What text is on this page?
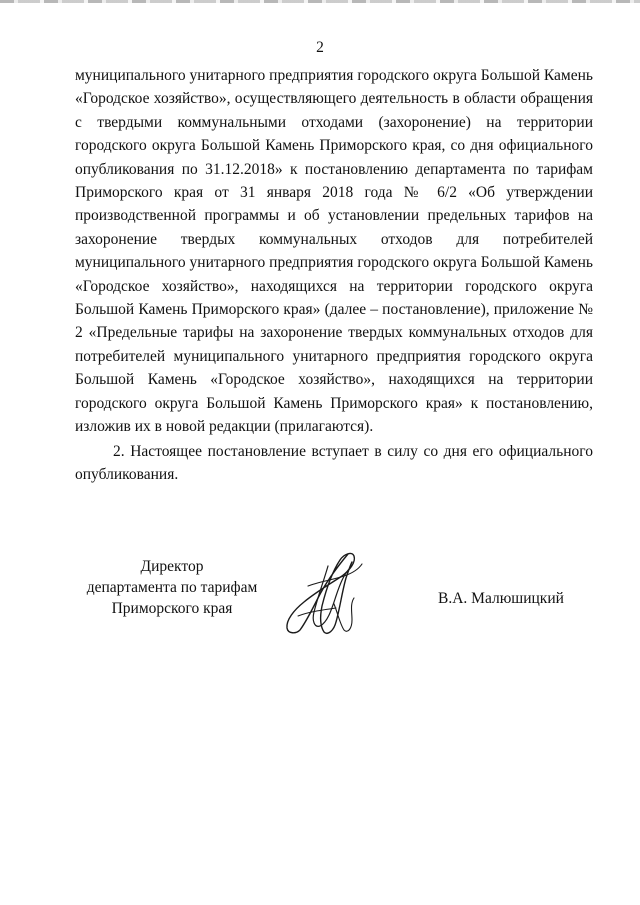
2

муниципального унитарного предприятия городского округа Большой Камень «Городское хозяйство», осуществляющего деятельность в области обращения с твердыми коммунальными отходами (захоронение) на территории городского округа Большой Камень Приморского края, со дня официального опубликования по 31.12.2018» к постановлению департамента по тарифам Приморского края от 31 января 2018 года № 6/2 «Об утверждении производственной программы и об установлении предельных тарифов на захоронение твердых коммунальных отходов для потребителей муниципального унитарного предприятия городского округа Большой Камень «Городское хозяйство», находящихся на территории городского округа Большой Камень Приморского края» (далее – постановление), приложение № 2 «Предельные тарифы на захоронение твердых коммунальных отходов для потребителей муниципального унитарного предприятия городского округа Большой Камень «Городское хозяйство», находящихся на территории городского округа Большой Камень Приморского края» к постановлению, изложив их в новой редакции (прилагаются).

2. Настоящее постановление вступает в силу со дня его официального опубликования.

Директор
департамента по тарифам
Приморского края
В.А. Малюшицкий
